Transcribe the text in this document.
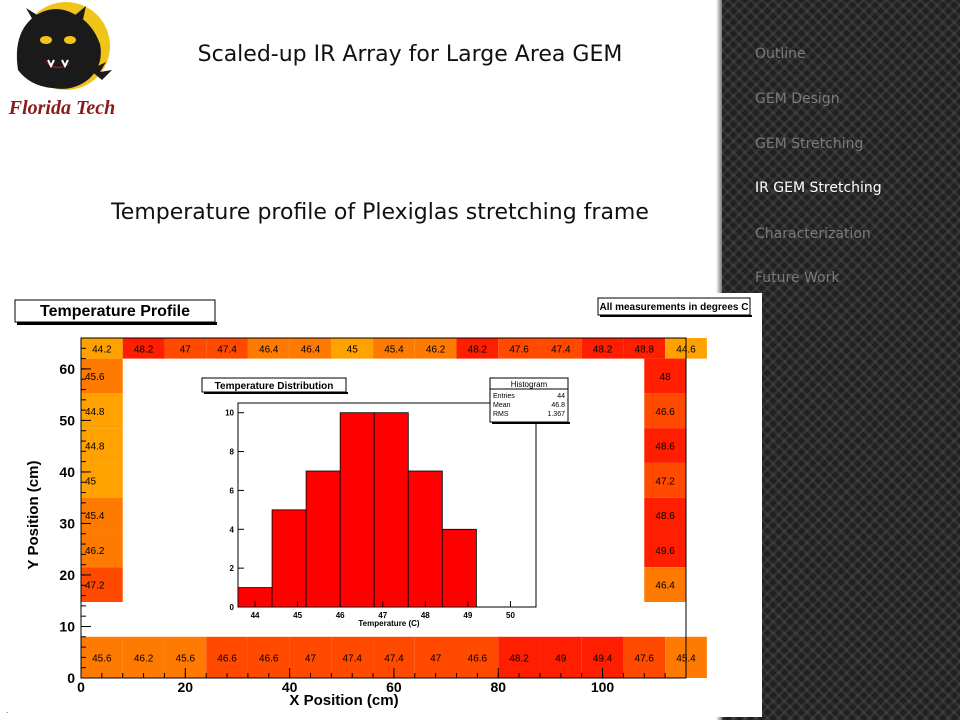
Florida Tech
Scaled-up IR Array for Large Area GEM
Temperature profile of Plexiglas stretching frame
Outline
GEM Design
GEM Stretching
IR GEM Stretching
Characterization
Future Work
Temperature Profile	All measurements in degrees C
X Position (cm)
Y Position (cm)
44.2 48.2	47	47.4 46.4 46.4	45	45.4 46.2 48.2 47.6 47.4 48.2 48.8 44.6
45.6 46.2 45.6 46.6 46.6	47	47.4 47.4	47	46.6 48.2	49	49.4 47.6 45.4
45.6
44.8
44.8
45
45.4
46.2
47.2
48
46.6
48.6
47.2
48.6
49.6
46.4
0	20	40	60	80	100
0
10
20
30
40
50
60
44	45	46	47	48	49	50
0
2
4
6
8
10
Temperature (C)
Temperature Distribution	Histogram
Entries	44
Mean	46.8
RMS	1.367
.
